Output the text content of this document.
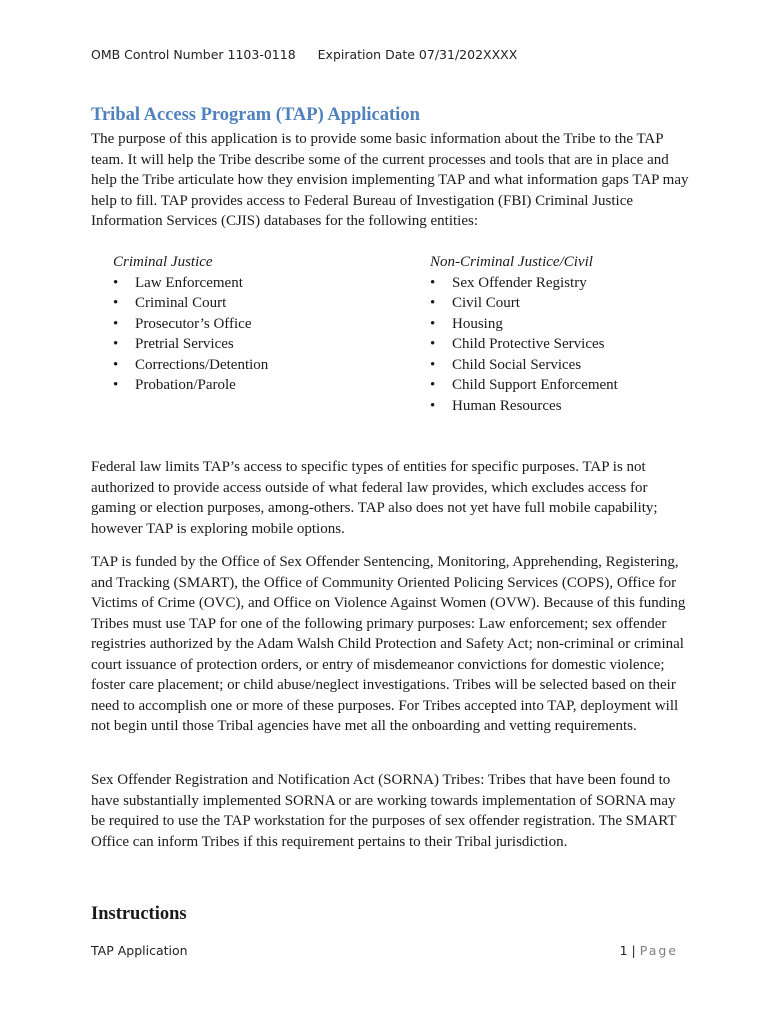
OMB Control Number 1103-0118 Expiration Date 07/31/202XXXX
Tribal Access Program (TAP) Application

The purpose of this application is to provide some basic information about the Tribe to the TAP team. It will help the Tribe describe some of the current processes and tools that are in place and help the Tribe articulate how they envision implementing TAP and what information gaps TAP may help to fill. TAP provides access to Federal Bureau of Investigation (FBI) Criminal Justice Information Services (CJIS) databases for the following entities:

Criminal Justice
• Law Enforcement
• Criminal Court
• Prosecutor’s Office
• Pretrial Services
• Corrections/Detention
• Probation/Parole
Non-Criminal Justice/Civil
• Sex Offender Registry
• Civil Court
• Housing
• Child Protective Services
• Child Social Services
• Child Support Enforcement
• Human Resources

Federal law limits TAP’s access to specific types of entities for specific purposes. TAP is not authorized to provide access outside of what federal law provides, which excludes access for gaming or election purposes, among-others. TAP also does not yet have full mobile capability; however TAP is exploring mobile options.

TAP is funded by the Office of Sex Offender Sentencing, Monitoring, Apprehending, Registering, and Tracking (SMART), the Office of Community Oriented Policing Services (COPS), Office for Victims of Crime (OVC), and Office on Violence Against Women (OVW). Because of this funding Tribes must use TAP for one of the following primary purposes: Law enforcement; sex offender registries authorized by the Adam Walsh Child Protection and Safety Act; non-criminal or criminal court issuance of protection orders, or entry of misdemeanor convictions for domestic violence; foster care placement; or child abuse/neglect investigations. Tribes will be selected based on their need to accomplish one or more of these purposes. For Tribes accepted into TAP, deployment will not begin until those Tribal agencies have met all the onboarding and vetting requirements.

Sex Offender Registration and Notification Act (SORNA) Tribes: Tribes that have been found to have substantially implemented SORNA or are working towards implementation of SORNA may be required to use the TAP workstation for the purposes of sex offender registration. The SMART Office can inform Tribes if this requirement pertains to their Tribal jurisdiction.

Instructions
TAP Application	1 | Page
